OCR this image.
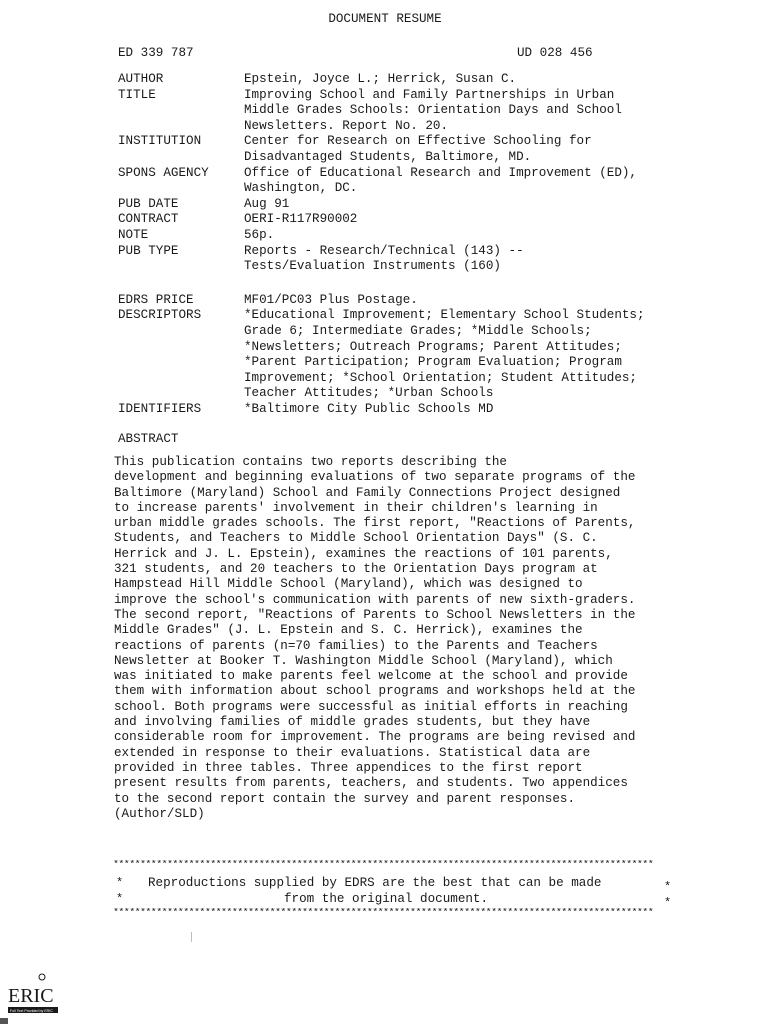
DOCUMENT RESUME
ED 339 787	UD 028 456
AUTHOR	Epstein, Joyce L.; Herrick, Susan C.
TITLE	Improving School and Family Partnerships in Urban
Middle Grades Schools: Orientation Days and School
Newsletters. Report No. 20.
INSTITUTION	Center for Research on Effective Schooling for
Disadvantaged Students, Baltimore, MD.
SPONS AGENCY	Office of Educational Research and Improvement (ED),
Washington, DC.
PUB DATE	Aug 91
CONTRACT	OERI-R117R90002
NOTE	56p.
PUB TYPE	Reports - Research/Technical (143) --
Tests/Evaluation Instruments (160)
EDRS PRICE	MF01/PC03 Plus Postage.
DESCRIPTORS	*Educational Improvement; Elementary School Students;
Grade 6; Intermediate Grades; *Middle Schools;
*Newsletters; Outreach Programs; Parent Attitudes;
*Parent Participation; Program Evaluation; Program
Improvement; *School Orientation; Student Attitudes;
Teacher Attitudes; *Urban Schools
IDENTIFIERS	*Baltimore City Public Schools MD
ABSTRACT
This publication contains two reports describing the
development and beginning evaluations of two separate programs of the
Baltimore (Maryland) School and Family Connections Project designed
to increase parents' involvement in their children's learning in
urban middle grades schools. The first report, "Reactions of Parents,
Students, and Teachers to Middle School Orientation Days" (S. C.
Herrick and J. L. Epstein), examines the reactions of 101 parents,
321 students, and 20 teachers to the Orientation Days program at
Hampstead Hill Middle School (Maryland), which was designed to
improve the school's communication with parents of new sixth-graders.
The second report, "Reactions of Parents to School Newsletters in the
Middle Grades" (J. L. Epstein and S. C. Herrick), examines the
reactions of parents (n=70 families) to the Parents and Teachers
Newsletter at Booker T. Washington Middle School (Maryland), which
was initiated to make parents feel welcome at the school and provide
them with information about school programs and workshops held at the
school. Both programs were successful as initial efforts in reaching
and involving families of middle grades students, but they have
considerable room for improvement. The programs are being revised and
extended in response to their evaluations. Statistical data are
provided in three tables. Three appendices to the first report
present results from parents, teachers, and students. Two appendices
to the second report contain the survey and parent responses.
(Author/SLD)
****************************************************************************************************
*
*
*
*
Reproductions supplied by EDRS are the best that can be made
from the original document.
****************************************************************************************************
ERIC
Full Text Provided by ERIC
